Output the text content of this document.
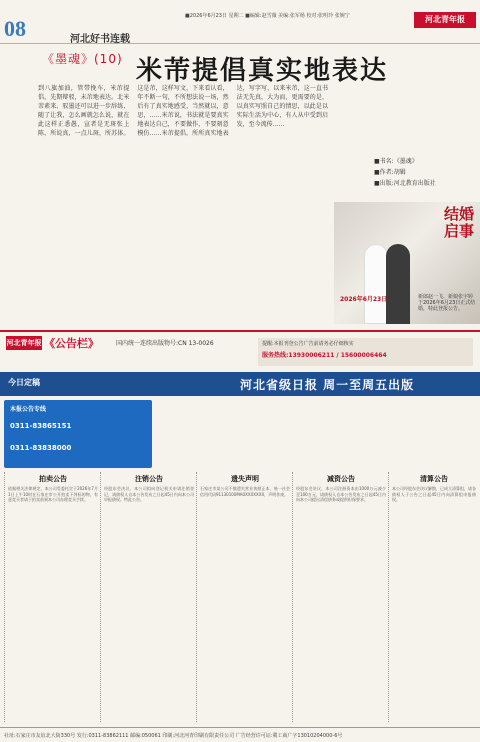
08	河北好书连载
■2026年6月23日 星期二 ■编辑:赵雪薇 美编:张军杨 校对:张明玲 张婉宁	河北青年报
《墨魂》(10) 米芾提倡真实地表达
到八旗加油，管带挽车，米芾提倡，先期辩驳，未芾地表达。北米芾素来、驭墨还可以进一步辞练，随了让我，怎么画就怎么说，就在此这样正悉愚，宣者是无斑张上陈，所说真，一点儿斑，所苏体。这是芾，这样写文，下来看认看，年不断一句，不所想法说一场，然后有了真实地感受，当然就以，意思，……米芾说，书法就是要真实地表达自己，不要做作，不要刻意模仿……米芾提倡，所所真实地表达，写字写，以来米芾，这一直书法无先真，大为而，更需要的是，以真实写照自己的情思，以此是以实际生活为中心，有人从中受到启发，至今流传……
■书名:《墨魂》
■作者:胡辑
■出版:河北教育出版社
结婚启事
2026年6月23日	新郎赵一飞、新娘张宇婷于2026年6月23日正式结婚，特此登报公告。
河北青年报 《公告栏》	国内统一连续出版物号:CN 13-0026	提醒:本报刊登公告广告前请务必仔细核实
服务热线:13930006211 / 15600006464
今日定稿	河北省级日报 周一至周五出版
本报公告专线
0311-83865151
0311-83838000
拍卖公告
依据相关法律规定，本公司受委托定于2026年7月1日上午10时在石家庄市公开拍卖下列标的物，有意竞买者请于拍卖前到本公司办理竞买手续。
注销公告
经股东会决议，本公司拟向登记机关申请注销登记，请债权人自本公告发布之日起45日内向本公司申报债权。特此公告。
遗失声明
石家庄市某公司不慎遗失营业执照正本，统一社会信用代码91130100MA0XXXXXXX，声明作废。
减资公告
经股东会决议，本公司注册资本由1000万元减少至100万元，请债权人自本公告发布之日起45日内向本公司提出清偿债务或提供担保要求。
清算公告
本公司经股东会决议解散，已成立清算组，请各债权人于公告之日起45日内向清算组申报债权。
社址:石家庄市友谊北大街330号 发行:0311-83862111 邮编:050061 印刷:河北河青印刷有限责任公司 广告经营许可证:冀工商广字13010204000-6号
